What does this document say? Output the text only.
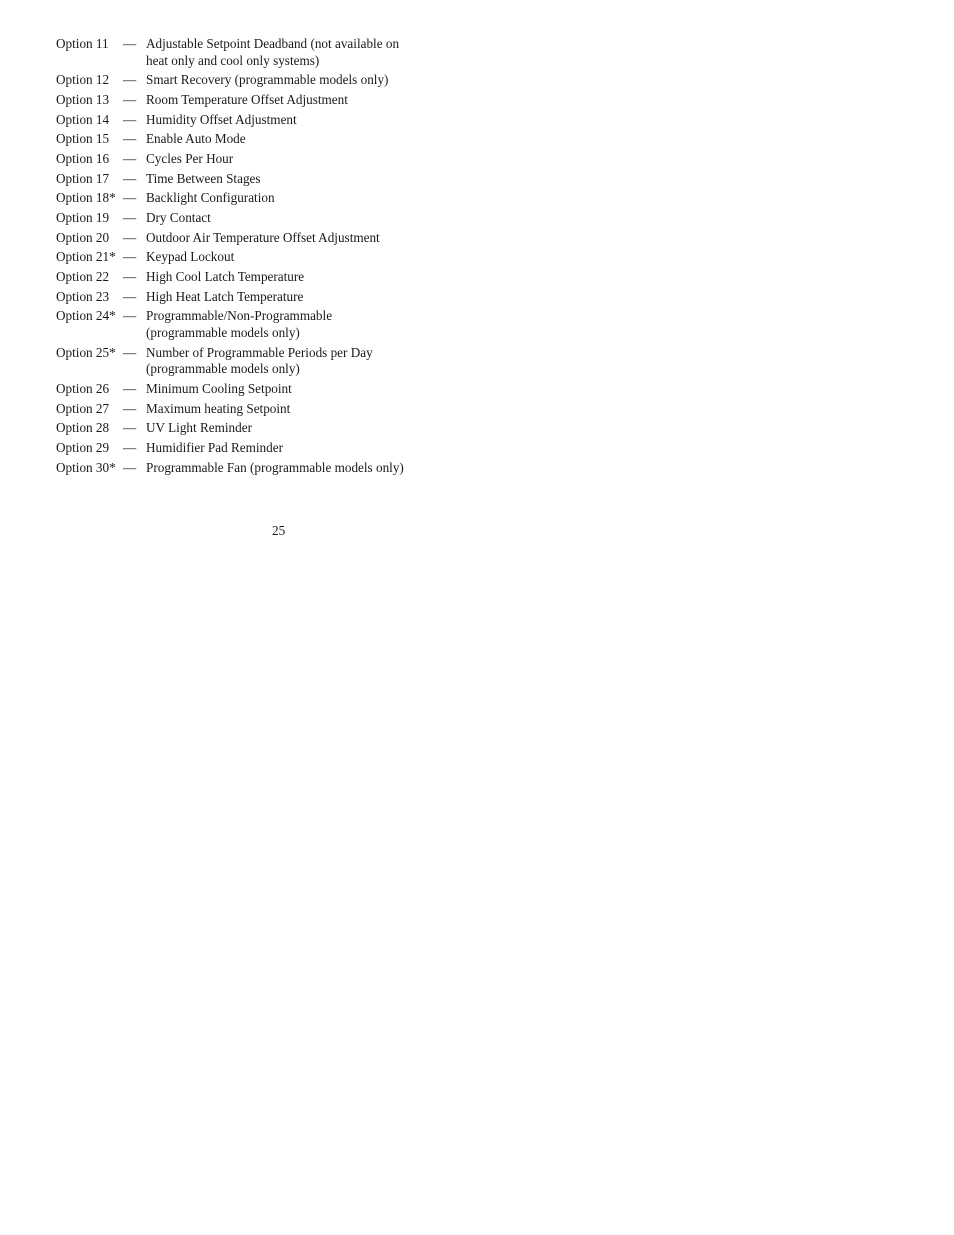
Option 11	— Adjustable Setpoint Deadband (not available on
heat only and cool only systems)
Option 12	— Smart Recovery (programmable models only)
Option 13	— Room Temperature Offset Adjustment
Option 14	— Humidity Offset Adjustment
Option 15	— Enable Auto Mode
Option 16	— Cycles Per Hour
Option 17	— Time Between Stages
Option 18* — Backlight Configuration
Option 19	— Dry Contact
Option 20	— Outdoor Air Temperature Offset Adjustment
Option 21* — Keypad Lockout
Option 22	— High Cool Latch Temperature
Option 23	— High Heat Latch Temperature
Option 24* — Programmable/Non-Programmable
(programmable models only)
Option 25* — Number of Programmable Periods per Day
(programmable models only)
Option 26	— Minimum Cooling Setpoint
Option 27	— Maximum heating Setpoint
Option 28	— UV Light Reminder
Option 29	— Humidifier Pad Reminder
Option 30* — Programmable Fan (programmable models only)
25
